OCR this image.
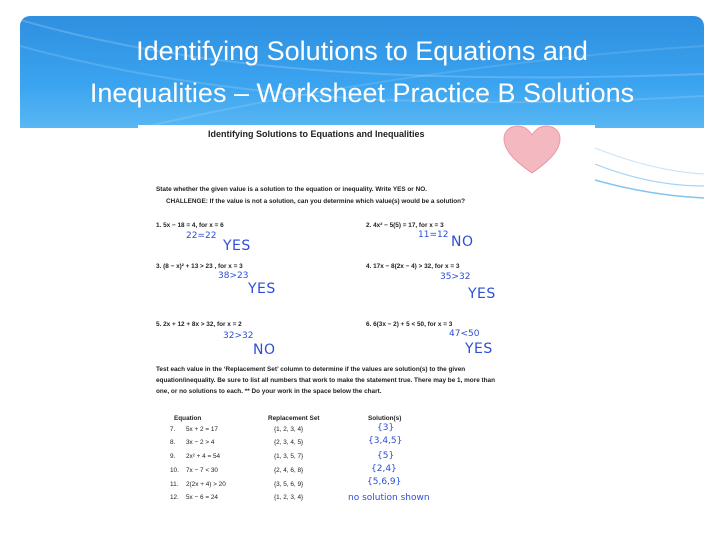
Identifying Solutions to Equations and
Inequalities – Worksheet Practice B Solutions
Identifying Solutions to Equations and Inequalities
State whether the given value is a solution to the equation or inequality. Write YES or NO.
CHALLENGE: If the value is not a solution, can you determine which value(s) would be a solution?
1. 5x − 18 = 4, for x = 6
22=22
YES
2. 4x² − 5(5) = 17, for x = 3
11=12 NO
3. (8 − x)² + 13 > 23 , for x = 3
38>23
YES
4. 17x − 8(2x − 4) > 32, for x = 3
35>32
YES
5. 2x + 12 + 8x > 32, for x = 2
32>32
NO
6. 6(3x − 2) + 5 < 50, for x = 3
47<50
YES
Test each value in the ‘Replacement Set’ column to determine if the values are solution(s) to the given
equation/inequality. Be sure to list all numbers that work to make the statement true. There may be 1, more than
one, or no solutions to each. ** Do your work in the space below the chart.
Equation	Replacement Set	Solution(s)
7. 5x + 2 = 17	{1, 2, 3, 4}	{3}
8. 3x − 2 > 4	{2, 3, 4, 5}	{3,4,5}
9. 2x² + 4 = 54	{1, 3, 5, 7}	{5}
10. 7x − 7 < 30	{2, 4, 6, 8}	{2,4}
11. 2(2x + 4) > 20	{3, 5, 6, 9}	{5,6,9}
12. 5x − 6 = 24	{1, 2, 3, 4}	no solution shown
